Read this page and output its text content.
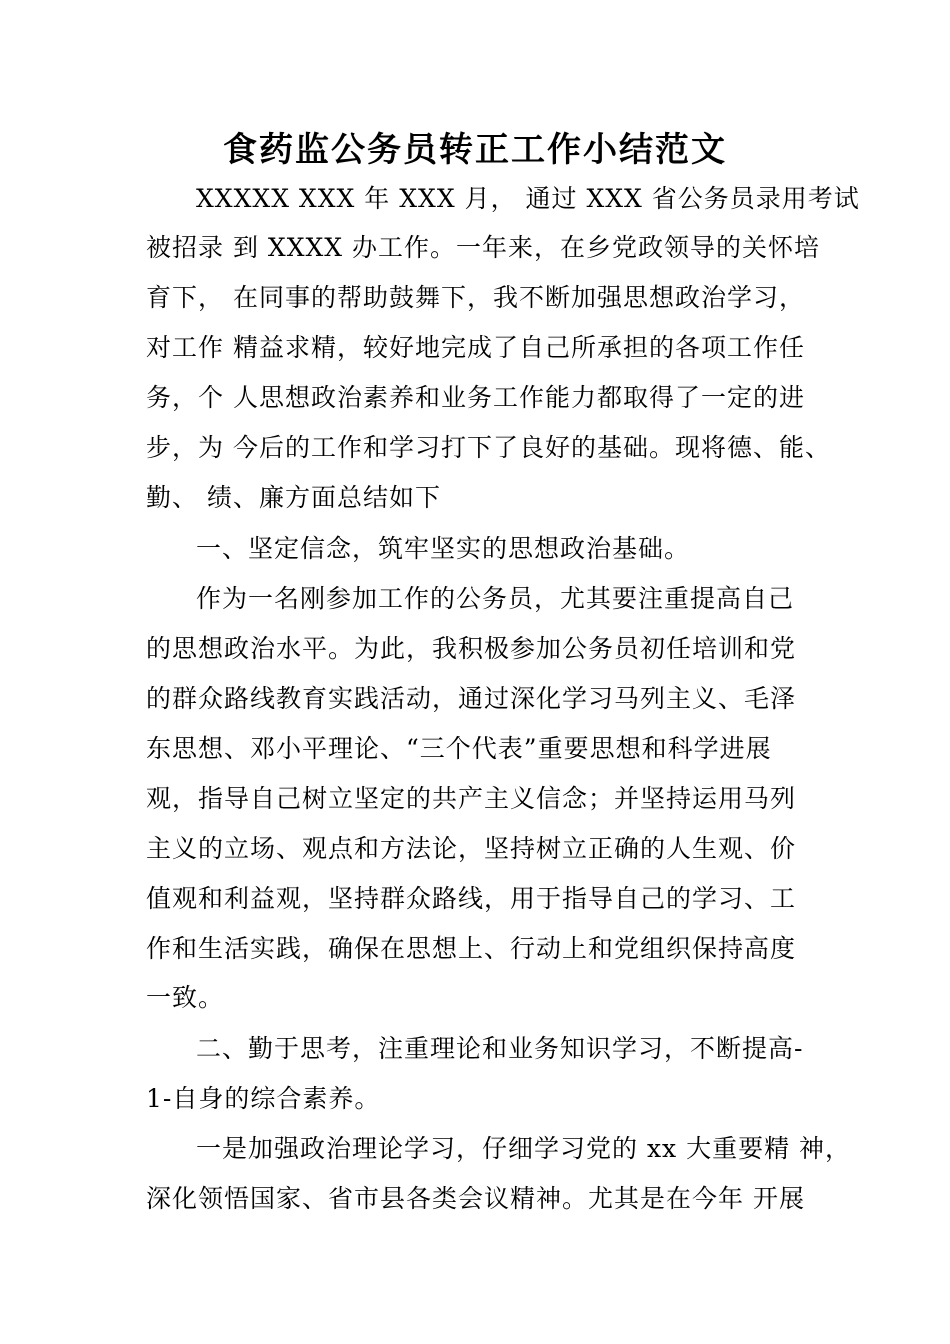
食药监公务员转正工作小结范文
XXXXX XXX 年 XXX 月， 通过 XXX 省公务员录用考试
被招录 到 XXXX 办工作。一年来，在乡党政领导的关怀培
育下， 在同事的帮助鼓舞下，我不断加强思想政治学习，
对工作 精益求精，较好地完成了自己所承担的各项工作任
务，个 人思想政治素养和业务工作能力都取得了一定的进
步，为 今后的工作和学习打下了良好的基础。现将德、能、
勤、 绩、廉方面总结如下
一、坚定信念，筑牢坚实的思想政治基础。
作为一名刚参加工作的公务员，尤其要注重提高自己
的思想政治水平。为此，我积极参加公务员初任培训和党
的群众路线教育实践活动，通过深化学习马列主义、毛泽
东思想、邓小平理论、“三个代表”重要思想和科学进展
观，指导自己树立坚定的共产主义信念；并坚持运用马列
主义的立场、观点和方法论，坚持树立正确的人生观、价
值观和利益观，坚持群众路线，用于指导自己的学习、工
作和生活实践，确保在思想上、行动上和党组织保持高度
一致。
二、勤于思考，注重理论和业务知识学习，不断提高-
1-自身的综合素养。
一是加强政治理论学习，仔细学习党的 xx 大重要精 神，
深化领悟国家、省市县各类会议精神。尤其是在今年 开展
